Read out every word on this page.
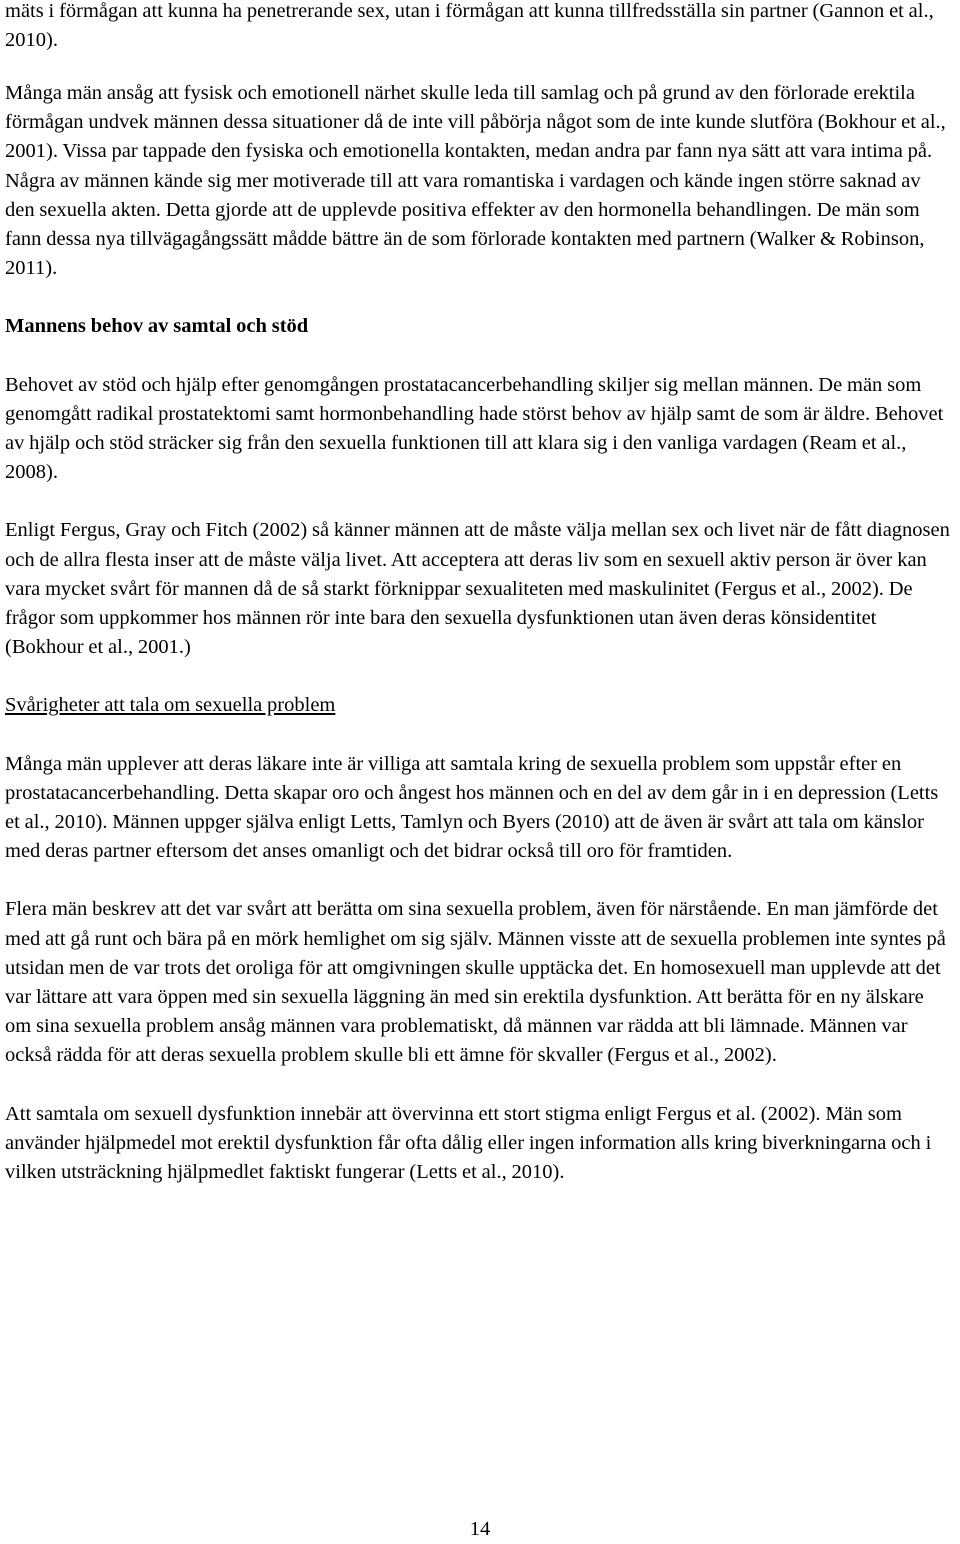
mäts i förmågan att kunna ha penetrerande sex, utan i förmågan att kunna tillfredsställa sin partner (Gannon et al., 2010).

Många män ansåg att fysisk och emotionell närhet skulle leda till samlag och på grund av den förlorade erektila förmågan undvek männen dessa situationer då de inte vill påbörja något som de inte kunde slutföra (Bokhour et al., 2001). Vissa par tappade den fysiska och emotionella kontakten, medan andra par fann nya sätt att vara intima på. Några av männen kände sig mer motiverade till att vara romantiska i vardagen och kände ingen större saknad av den sexuella akten. Detta gjorde att de upplevde positiva effekter av den hormonella behandlingen. De män som fann dessa nya tillvägagångssätt mådde bättre än de som förlorade kontakten med partnern (Walker & Robinson, 2011).

Mannens behov av samtal och stöd

Behovet av stöd och hjälp efter genomgången prostatacancerbehandling skiljer sig mellan männen. De män som genomgått radikal prostatektomi samt hormonbehandling hade störst behov av hjälp samt de som är äldre. Behovet av hjälp och stöd sträcker sig från den sexuella funktionen till att klara sig i den vanliga vardagen (Ream et al., 2008).

Enligt Fergus, Gray och Fitch (2002) så känner männen att de måste välja mellan sex och livet när de fått diagnosen och de allra flesta inser att de måste välja livet. Att acceptera att deras liv som en sexuell aktiv person är över kan vara mycket svårt för mannen då de så starkt förknippar sexualiteten med maskulinitet (Fergus et al., 2002). De frågor som uppkommer hos männen rör inte bara den sexuella dysfunktionen utan även deras könsidentitet (Bokhour et al., 2001.)

Svårigheter att tala om sexuella problem

Många män upplever att deras läkare inte är villiga att samtala kring de sexuella problem som uppstår efter en prostatacancerbehandling. Detta skapar oro och ångest hos männen och en del av dem går in i en depression (Letts et al., 2010). Männen uppger själva enligt Letts, Tamlyn och Byers (2010) att de även är svårt att tala om känslor med deras partner eftersom det anses omanligt och det bidrar också till oro för framtiden.

Flera män beskrev att det var svårt att berätta om sina sexuella problem, även för närstående. En man jämförde det med att gå runt och bära på en mörk hemlighet om sig själv. Männen visste att de sexuella problemen inte syntes på utsidan men de var trots det oroliga för att omgivningen skulle upptäcka det. En homosexuell man upplevde att det var lättare att vara öppen med sin sexuella läggning än med sin erektila dysfunktion. Att berätta för en ny älskare om sina sexuella problem ansåg männen vara problematiskt, då männen var rädda att bli lämnade. Männen var också rädda för att deras sexuella problem skulle bli ett ämne för skvaller (Fergus et al., 2002).

Att samtala om sexuell dysfunktion innebär att övervinna ett stort stigma enligt Fergus et al. (2002). Män som använder hjälpmedel mot erektil dysfunktion får ofta dålig eller ingen information alls kring biverkningarna och i vilken utsträckning hjälpmedlet faktiskt fungerar (Letts et al., 2010).

14
